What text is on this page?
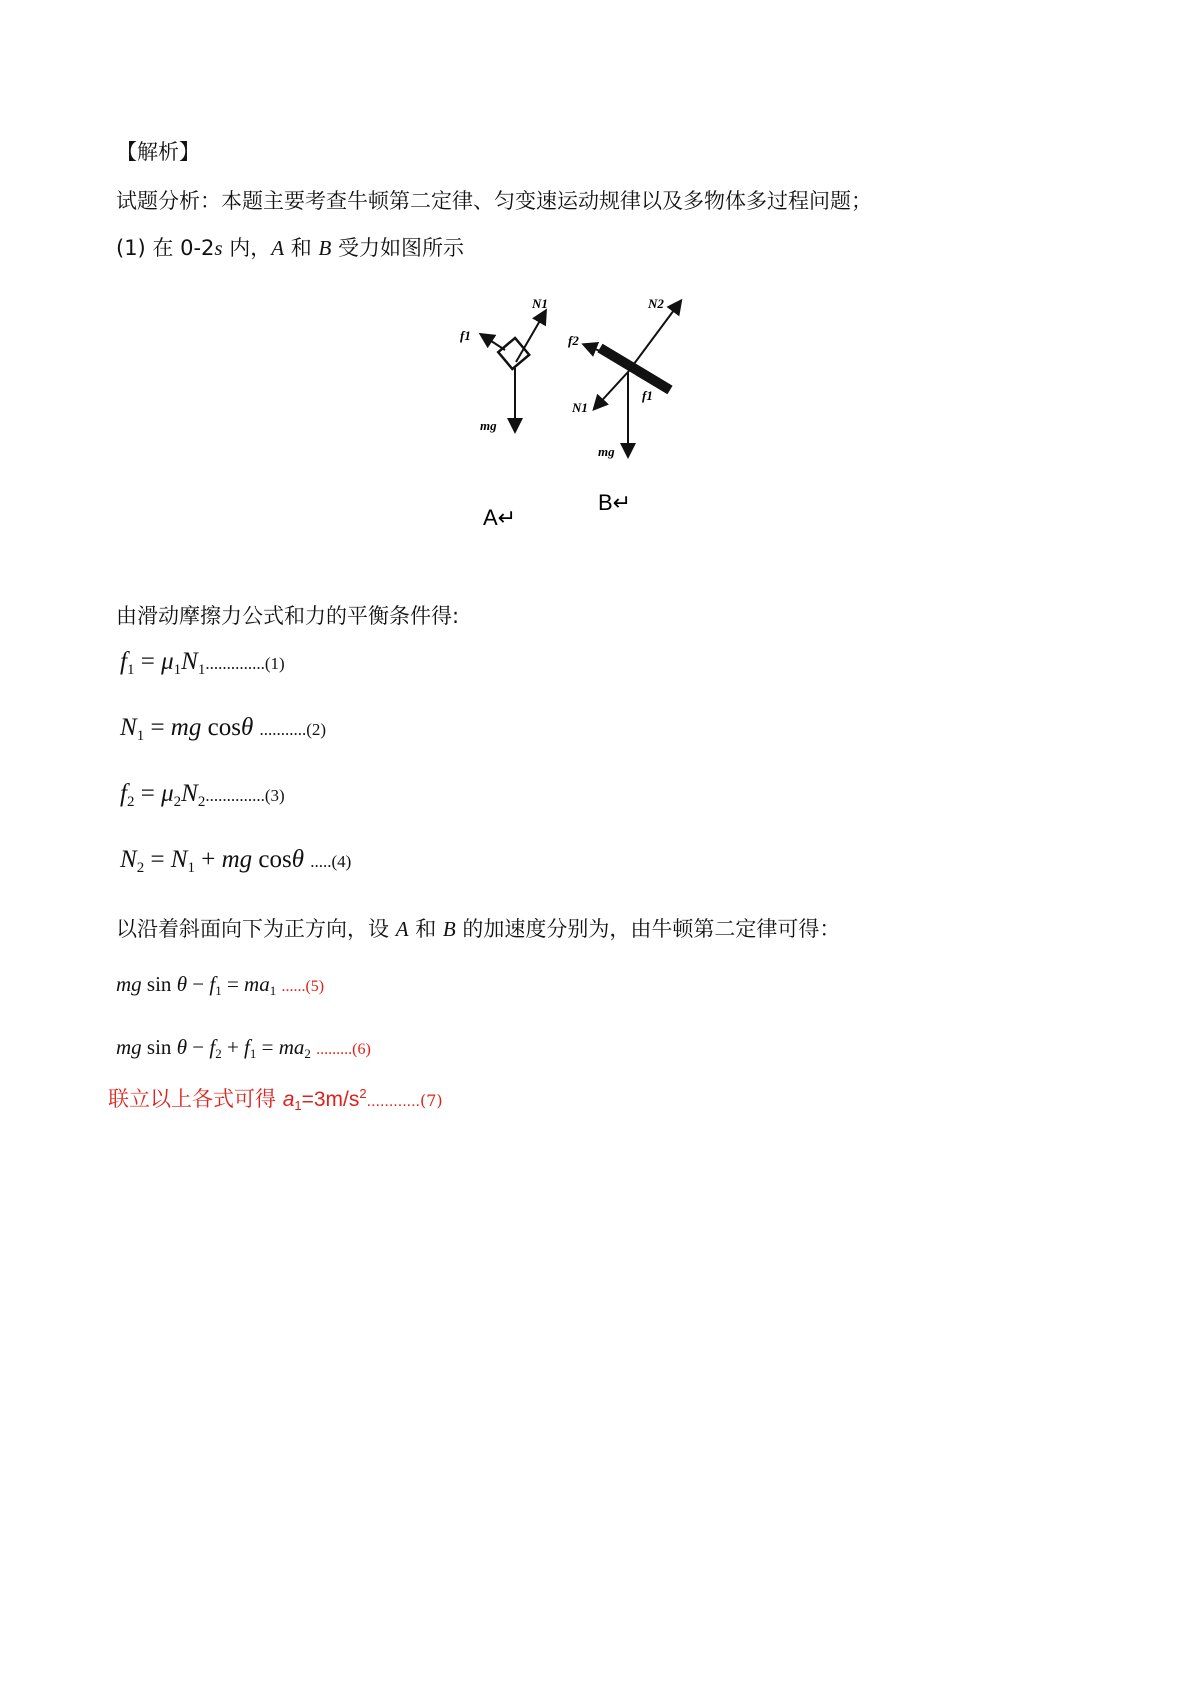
【解析】
试题分析：本题主要考查牛顿第二定律、匀变速运动规律以及多物体多过程问题；
(1) 在 0-2s 内，A 和 B 受力如图所示
N1
f1
mg
N2
f2
N1
f1
mg
A↵
B↵
由滑动摩擦力公式和力的平衡条件得:
$f_1 = \mu_1N_1..............(1)$
$N_1$ = mg cosθ ...........(2)
$f_2 = \mu_2N_2..............(3)$
$N_2 = N_1$ + mg cosθ .....(4)
以沿着斜面向下为正方向，设 A 和 B 的加速度分别为，由牛顿第二定律可得：
mg $\sin \theta - f_1 = ma_1$ ......(5)
mg $\sin \theta - f_2 + f_1 = ma_2$ .........(6)
联立以上各式可得 $a_1=3m/s^2............(7)$
